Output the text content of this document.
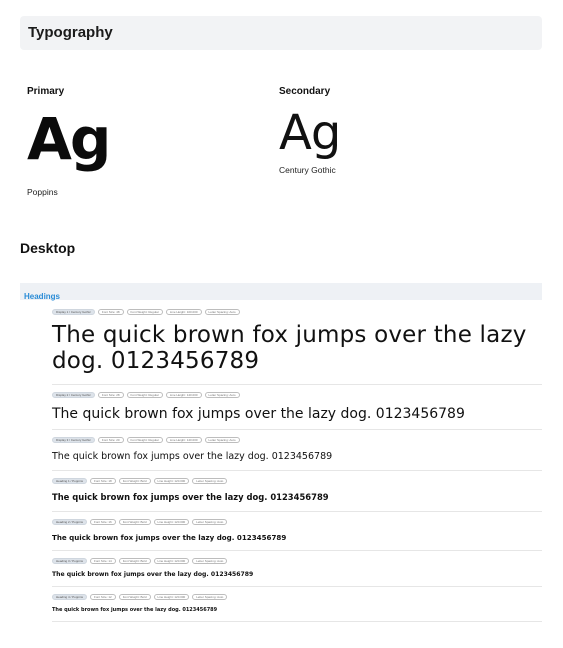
Typography
Primary
Ag
Poppins
Secondary
Ag
Century Gothic
Desktop
Headings
Display 1 / Century Gothic	Font Size: 48	Font Weight: Regular	Line Height: 100.000	Letter Spacing: Auto
The quick brown fox jumps over the lazy dog. 0123456789
Display 2 / Century Gothic	Font Size: 28	Font Weight: Regular	Line Height: 140.000	Letter Spacing: Auto
The quick brown fox jumps over the lazy dog. 0123456789
Display 3 / Century Gothic	Font Size: 20	Font Weight: Regular	Line Height: 140.000	Letter Spacing: Auto
The quick brown fox jumps over the lazy dog. 0123456789
Heading 1 / Poppins	Font Size: 18	Font Weight: Bold	Line Height: 120.000	Letter Spacing: Auto
The quick brown fox jumps over the lazy dog. 0123456789
Heading 2 / Poppins	Font Size: 16	Font Weight: Bold	Line Height: 120.000	Letter Spacing: Auto
The quick brown fox jumps over the lazy dog. 0123456789
Heading 3 / Poppins	Font Size: 14	Font Weight: Bold	Line Height: 120.000	Letter Spacing: Auto
The quick brown fox jumps over the lazy dog. 0123456789
Heading 4 / Poppins	Font Size: 12	Font Weight: Bold	Line Height: 120.000	Letter Spacing: Auto
The quick brown fox jumps over the lazy dog. 0123456789
